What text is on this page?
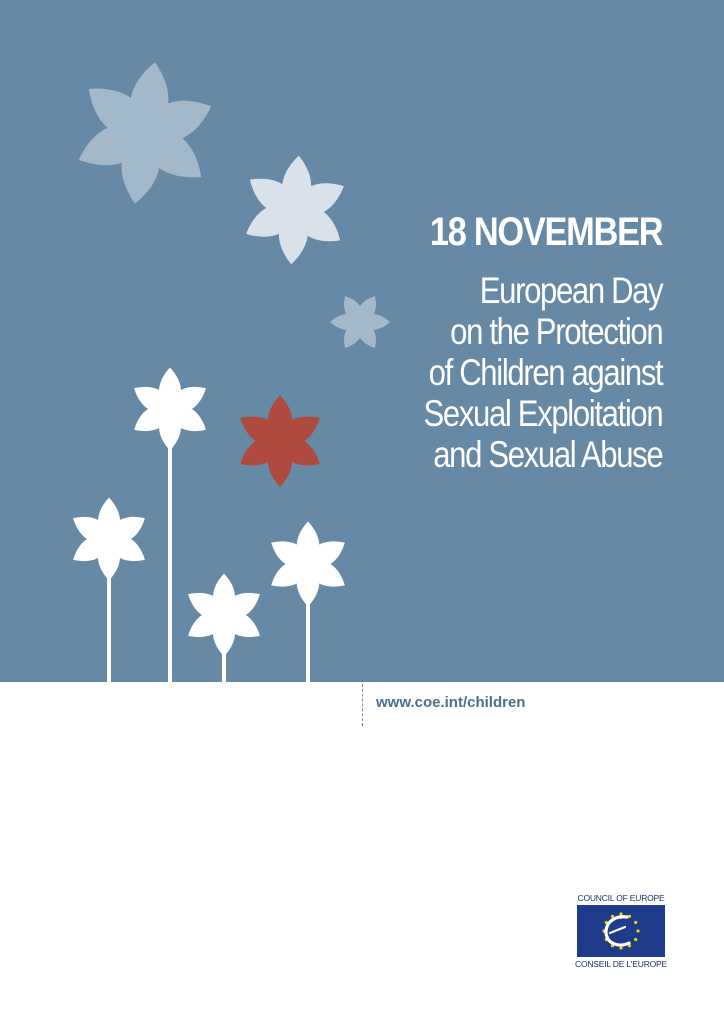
18 NOVEMBER
European Day
on the Protection
of Children against
Sexual Exploitation
and Sexual Abuse
www.coe.int/children
COUNCIL OF EUROPE
CONSEIL DE L'EUROPE
